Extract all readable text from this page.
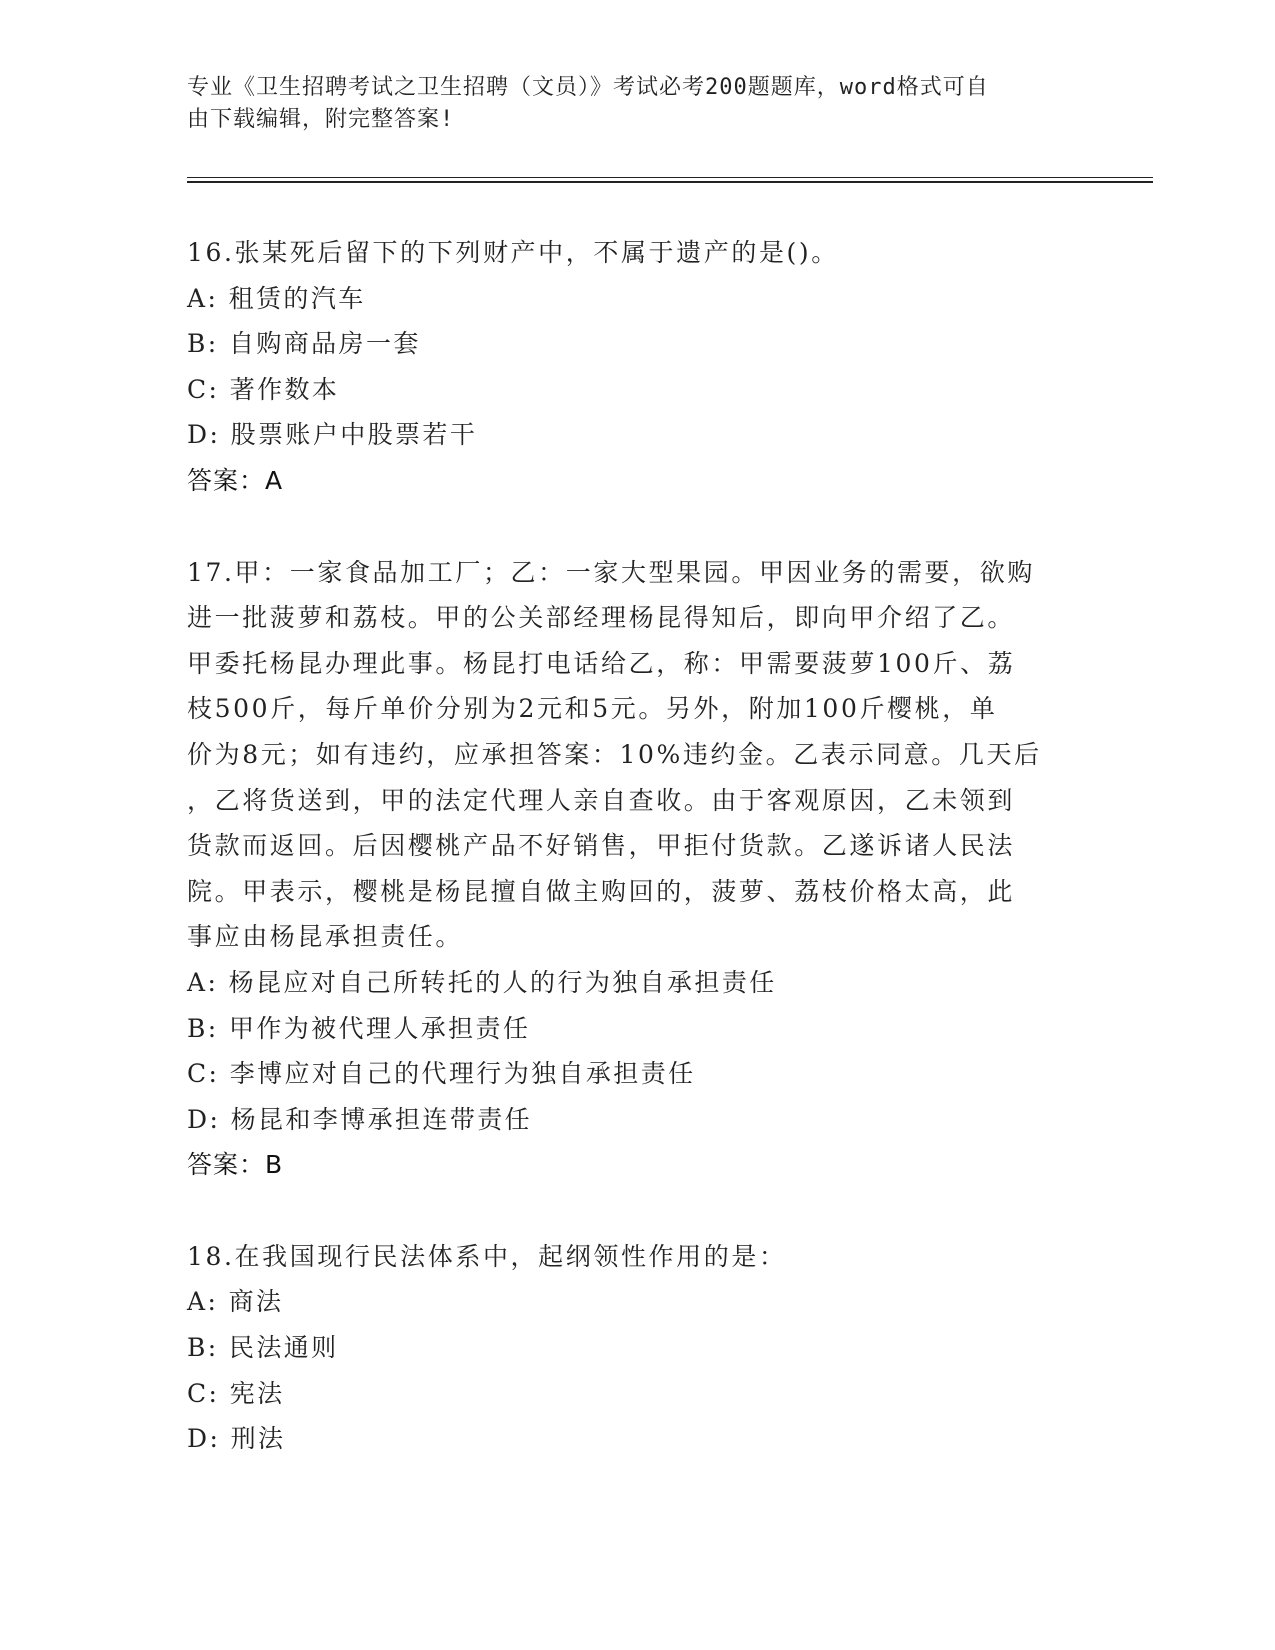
专业《卫生招聘考试之卫生招聘（文员）》考试必考200题题库，word格式可自
由下载编辑，附完整答案!
16.张某死后留下的下列财产中，不属于遗产的是()。
A: 租赁的汽车
B: 自购商品房一套
C: 著作数本
D: 股票账户中股票若干
答案：A
17.甲：一家食品加工厂；乙：一家大型果园。甲因业务的需要，欲购
进一批菠萝和荔枝。甲的公关部经理杨昆得知后，即向甲介绍了乙。
甲委托杨昆办理此事。杨昆打电话给乙，称：甲需要菠萝100斤、荔
枝500斤，每斤单价分别为2元和5元。另外，附加100斤樱桃，单
价为8元；如有违约，应承担答案：10%违约金。乙表示同意。几天后
，乙将货送到，甲的法定代理人亲自查收。由于客观原因，乙未领到
货款而返回。后因樱桃产品不好销售，甲拒付货款。乙遂诉诸人民法
院。甲表示，樱桃是杨昆擅自做主购回的，菠萝、荔枝价格太高，此
事应由杨昆承担责任。
A: 杨昆应对自己所转托的人的行为独自承担责任
B: 甲作为被代理人承担责任
C: 李博应对自己的代理行为独自承担责任
D: 杨昆和李博承担连带责任
答案：B
18.在我国现行民法体系中，起纲领性作用的是：
A: 商法
B: 民法通则
C: 宪法
D: 刑法
